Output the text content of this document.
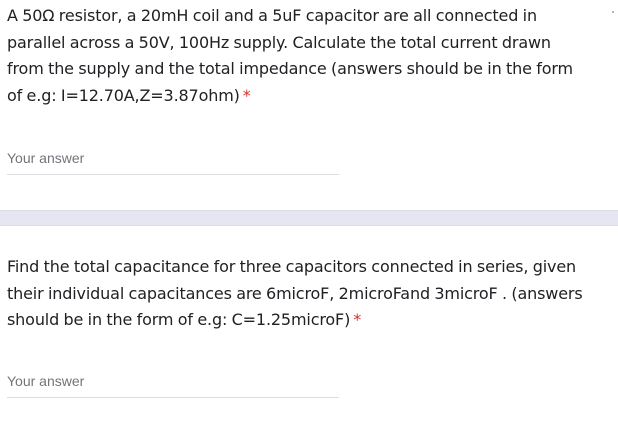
A 50Ω resistor, a 20mH coil and a 5uF capacitor are all connected in
parallel across a 50V, 100Hz supply. Calculate the total current drawn
from the supply and the total impedance (answers should be in the form
of e.g: I=12.70A,Z=3.87ohm) *

Your answer

Find the total capacitance for three capacitors connected in series, given
their individual capacitances are 6microF, 2microFand 3microF . (answers
should be in the form of e.g: C=1.25microF) *

Your answer
